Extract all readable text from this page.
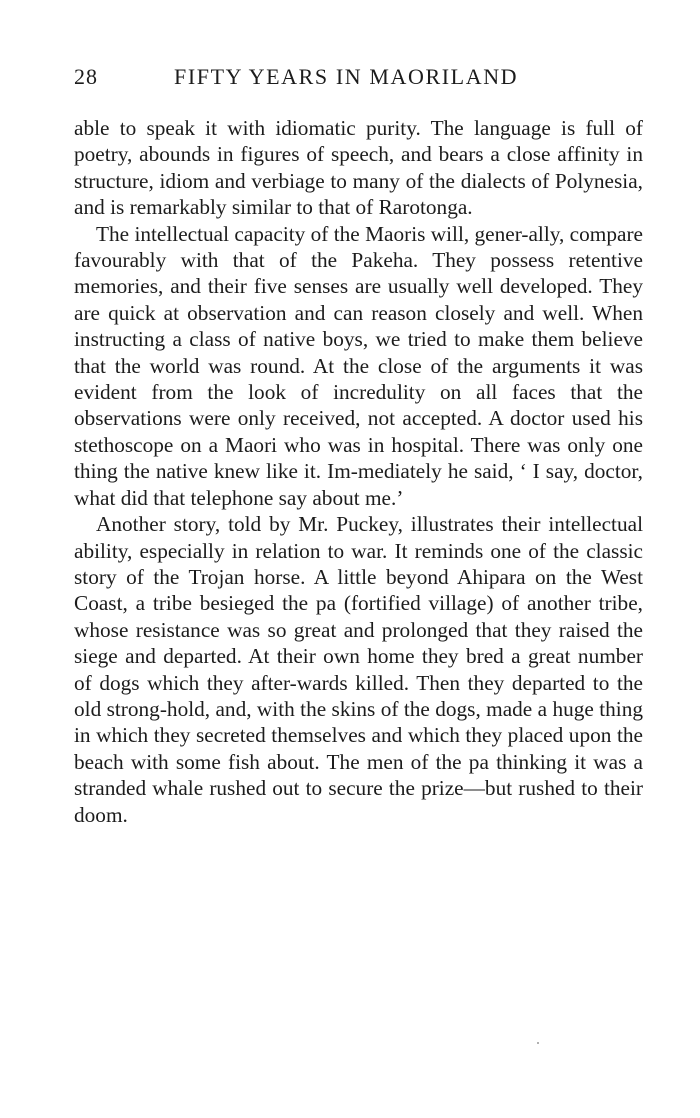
28	FIFTY YEARS IN MAORILAND

able to speak it with idiomatic purity. The language is full of poetry, abounds in figures of speech, and bears a close affinity in structure, idiom and verbiage to many of the dialects of Polynesia, and is remarkably similar to that of Rarotonga.

The intellectual capacity of the Maoris will, gener-ally, compare favourably with that of the Pakeha. They possess retentive memories, and their five senses are usually well developed. They are quick at observation and can reason closely and well. When instructing a class of native boys, we tried to make them believe that the world was round. At the close of the arguments it was evident from the look of incredulity on all faces that the observations were only received, not accepted. A doctor used his stethoscope on a Maori who was in hospital. There was only one thing the native knew like it. Im-mediately he said, ‘ I say, doctor, what did that telephone say about me.’

Another story, told by Mr. Puckey, illustrates their intellectual ability, especially in relation to war. It reminds one of the classic story of the Trojan horse. A little beyond Ahipara on the West Coast, a tribe besieged the pa (fortified village) of another tribe, whose resistance was so great and prolonged that they raised the siege and departed. At their own home they bred a great number of dogs which they after-wards killed. Then they departed to the old strong-hold, and, with the skins of the dogs, made a huge thing in which they secreted themselves and which they placed upon the beach with some fish about. The men of the pa thinking it was a stranded whale rushed out to secure the prize—but rushed to their doom.
